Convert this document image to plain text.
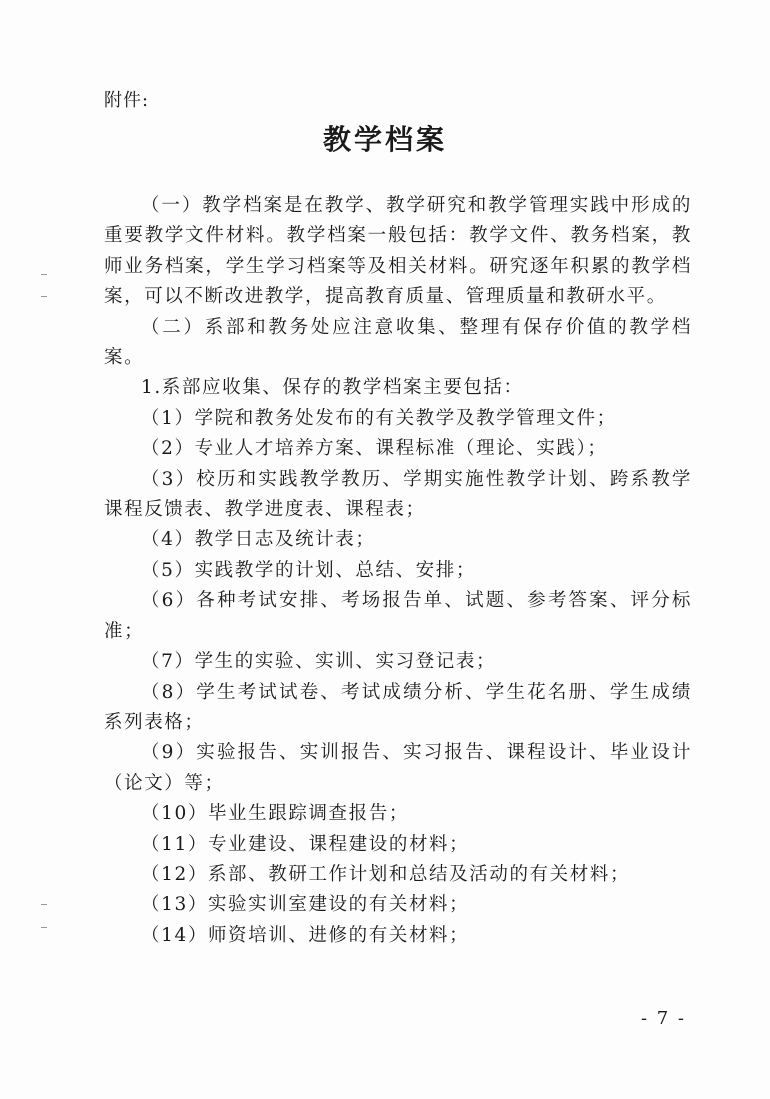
附件:
教学档案

（一）教学档案是在教学、教学研究和教学管理实践中形成的重要教学文件材料。教学档案一般包括：教学文件、教务档案，教师业务档案，学生学习档案等及相关材料。研究逐年积累的教学档案，可以不断改进教学，提高教育质量、管理质量和教研水平。

（二）系部和教务处应注意收集、整理有保存价值的教学档案。

1.系部应收集、保存的教学档案主要包括：

（1）学院和教务处发布的有关教学及教学管理文件；

（2）专业人才培养方案、课程标准（理论、实践）；

（3）校历和实践教学教历、学期实施性教学计划、跨系教学课程反馈表、教学进度表、课程表；

（4）教学日志及统计表；

（5）实践教学的计划、总结、安排；

（6）各种考试安排、考场报告单、试题、参考答案、评分标准；

（7）学生的实验、实训、实习登记表；

（8）学生考试试卷、考试成绩分析、学生花名册、学生成绩系列表格；

（9）实验报告、实训报告、实习报告、课程设计、毕业设计（论文）等；

（10）毕业生跟踪调查报告；

（11）专业建设、课程建设的材料；

（12）系部、教研工作计划和总结及活动的有关材料；

（13）实验实训室建设的有关材料；

（14）师资培训、进修的有关材料；

- 7 -
